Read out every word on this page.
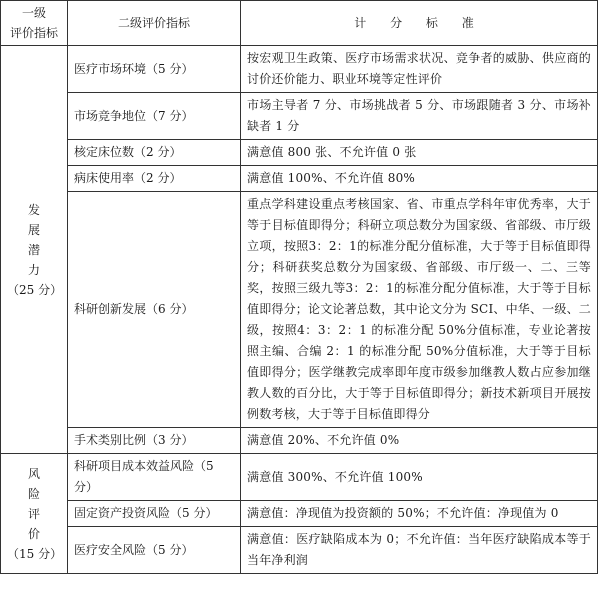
一级
评价指标	二级评价指标	计 分 标 准
发
展
潜
力
（25 分）	医疗市场环境（5 分）	按宏观卫生政策、医疗市场需求状况、竞争者的威胁、供应商的讨价还价能力、职业环境等定性评价
	市场竞争地位（7 分）	市场主导者 7 分、市场挑战者 5 分、市场跟随者 3 分、市场补缺者 1 分
	核定床位数（2 分）	满意值 800 张、不允许值 0 张
	病床使用率（2 分）	满意值 100%、不允许值 80%
	科研创新发展（6 分）	重点学科建设重点考核国家、省、市重点学科年审优秀率，大于等于目标值即得分；科研立项总数分为国家级、省部级、市厅级立项，按照3：2：1的标准分配分值标准，大于等于目标值即得分；科研获奖总数分为国家级、省部级、市厅级一、二、三等奖，按照三级九等3：2：1的标准分配分值标准，大于等于目标值即得分；论文论著总数，其中论文分为 SCI、中华、一级、二级，按照4：3：2：1 的标准分配 50%分值标准，专业论著按照主编、合编 2：1 的标准分配 50%分值标准，大于等于目标值即得分；医学继教完成率即年度市级参加继教人数占应参加继教人数的百分比，大于等于目标值即得分；新技术新项目开展按例数考核，大于等于目标值即得分
	手术类别比例（3 分）	满意值 20%、不允许值 0%
风
险
评
价
（15 分）	科研项目成本效益风险（5 分）	满意值 300%、不允许值 100%
	固定资产投资风险（5 分）	满意值：净现值为投资额的 50%；不允许值：净现值为 0
	医疗安全风险（5 分）	满意值：医疗缺陷成本为 0；不允许值：当年医疗缺陷成本等于当年净利润
